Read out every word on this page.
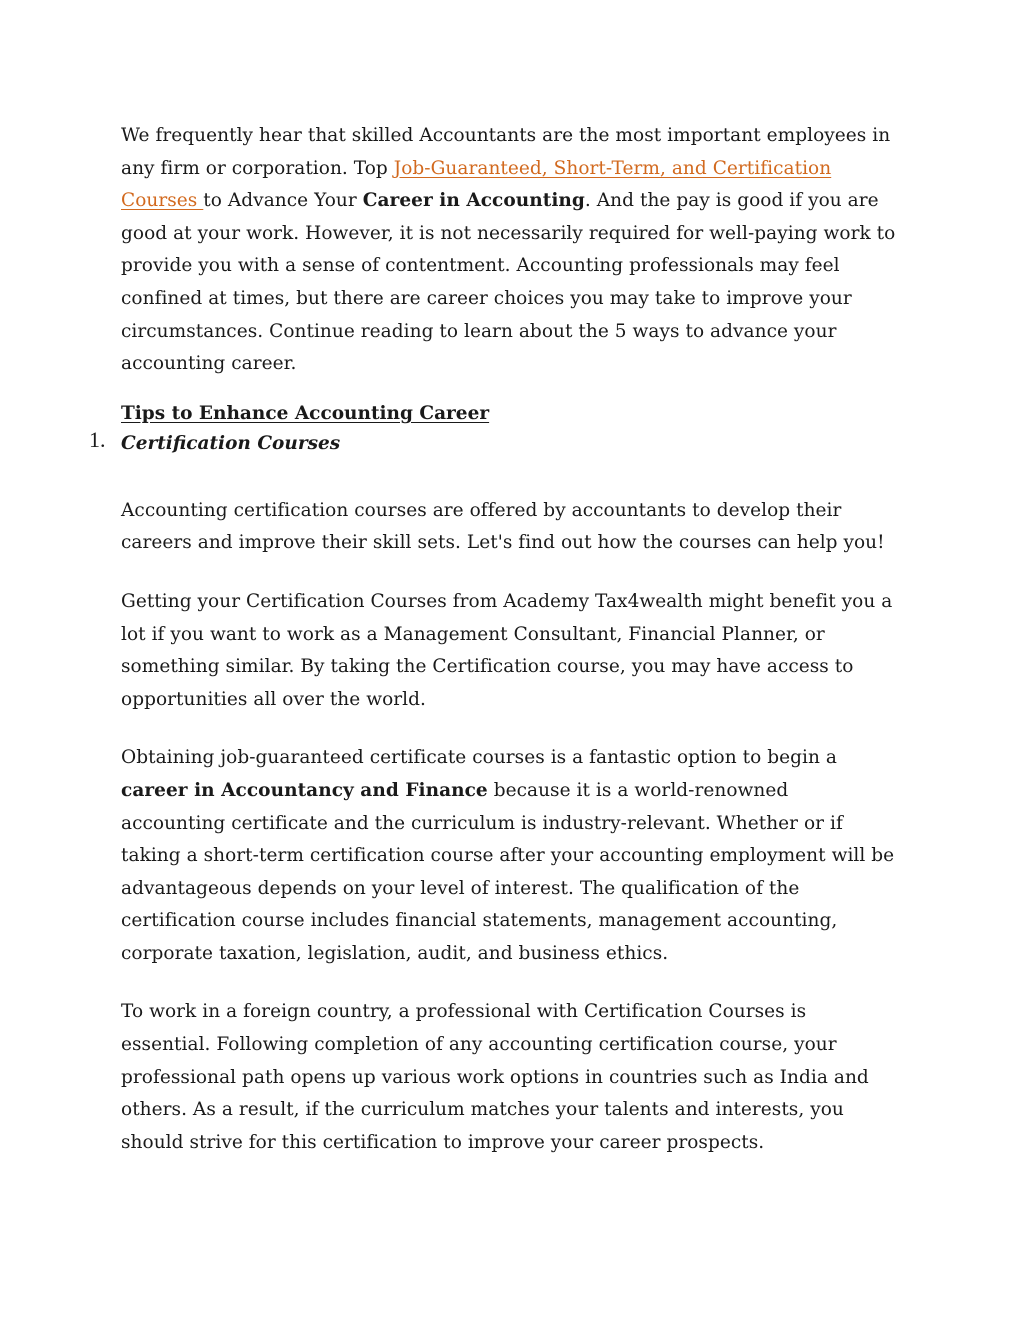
We frequently hear that skilled Accountants are the most important employees in any firm or corporation. Top Job-Guaranteed, Short-Term, and Certification Courses to Advance Your Career in Accounting. And the pay is good if you are good at your work. However, it is not necessarily required for well-paying work to provide you with a sense of contentment. Accounting professionals may feel confined at times, but there are career choices you may take to improve your circumstances. Continue reading to learn about the 5 ways to advance your accounting career.

Tips to Enhance Accounting Career
1. Certification Courses

Accounting certification courses are offered by accountants to develop their careers and improve their skill sets. Let's find out how the courses can help you!

Getting your Certification Courses from Academy Tax4wealth might benefit you a lot if you want to work as a Management Consultant, Financial Planner, or something similar. By taking the Certification course, you may have access to opportunities all over the world.

Obtaining job-guaranteed certificate courses is a fantastic option to begin a career in Accountancy and Finance because it is a world-renowned accounting certificate and the curriculum is industry-relevant. Whether or if taking a short-term certification course after your accounting employment will be advantageous depends on your level of interest. The qualification of the certification course includes financial statements, management accounting, corporate taxation, legislation, audit, and business ethics.

To work in a foreign country, a professional with Certification Courses is essential. Following completion of any accounting certification course, your professional path opens up various work options in countries such as India and others. As a result, if the curriculum matches your talents and interests, you should strive for this certification to improve your career prospects.
